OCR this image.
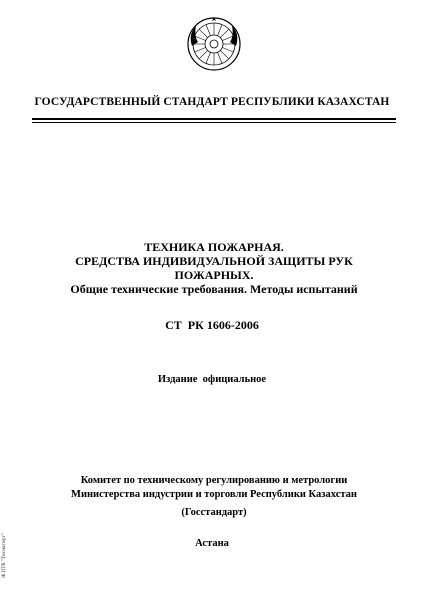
ГОСУДАРСТВЕННЫЙ СТАНДАРТ РЕСПУБЛИКИ КАЗАХСТАН
ТЕХНИКА ПОЖАРНАЯ.
СРЕДСТВА ИНДИВИДУАЛЬНОЙ ЗАЩИТЫ РУК
ПОЖАРНЫХ.
Общие технические требования. Методы испытаний
СТ  РК 1606-2006
Издание  официальное
Комитет по техническому регулированию и метрологии
Министерства индустрии и торговли Республики Казахстан
(Госстандарт)
Астана
Ж ПТК "Техэксперт"
